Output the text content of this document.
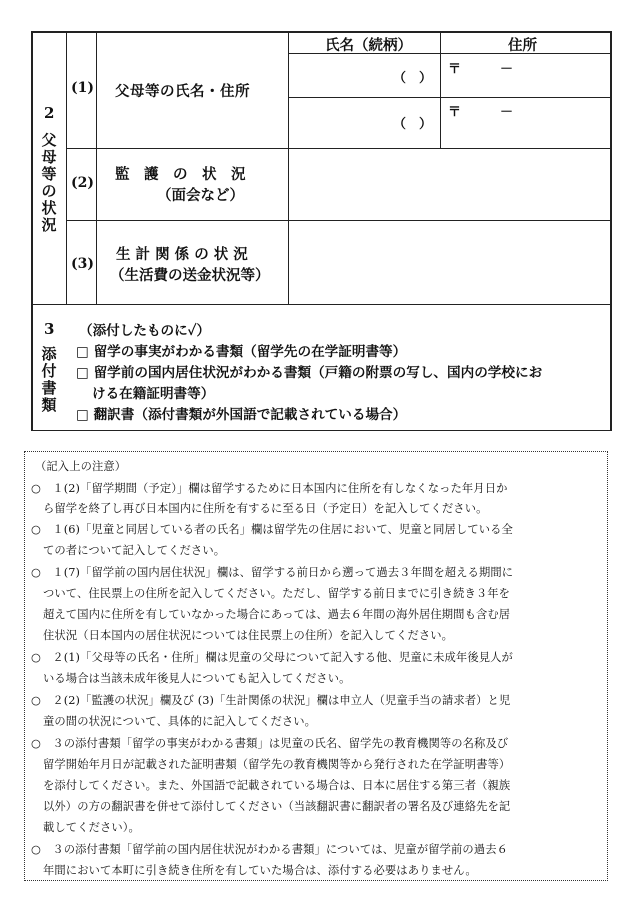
氏名（続柄）	住所
2
父
母
等
の
状
況
(1) 父母等の氏名・住所
（　）
（　）
〒　　　－
〒　　　－
(2) 監　護　の　状　況
（面会など）
(3)
生 計 関 係 の 状 況
（生活費の送金状況等）
3
添
付
書
類
（添付したものに✓）
□ 留学の事実がわかる書類（留学先の在学証明書等）
□ 留学前の国内居住状況がわかる書類（戸籍の附票の写し、国内の学校にお
ける在籍証明書等）
□ 翻訳書（添付書類が外国語で記載されている場合）
（記入上の注意）
○　１(2)「留学期間（予定）」欄は留学するために日本国内に住所を有しなくなった年月日か
ら留学を終了し再び日本国内に住所を有するに至る日（予定日）を記入してください。
○　１(6)「児童と同居している者の氏名」欄は留学先の住居において、児童と同居している全
ての者について記入してください。
○　１(7)「留学前の国内居住状況」欄は、留学する前日から遡って過去３年間を超える期間に
ついて、住民票上の住所を記入してください。ただし、留学する前日までに引き続き３年を
超えて国内に住所を有していなかった場合にあっては、過去６年間の海外居住期間も含む居
住状況（日本国内の居住状況については住民票上の住所）を記入してください。
○　２(1)「父母等の氏名・住所」欄は児童の父母について記入する他、児童に未成年後見人が
いる場合は当該未成年後見人についても記入してください。
○　２(2)「監護の状況」欄及び (3)「生計関係の状況」欄は申立人（児童手当の請求者）と児
童の間の状況について、具体的に記入してください。
○　３の添付書類「留学の事実がわかる書類」は児童の氏名、留学先の教育機関等の名称及び
留学開始年月日が記載された証明書類（留学先の教育機関等から発行された在学証明書等）
を添付してください。また、外国語で記載されている場合は、日本に居住する第三者（親族
以外）の方の翻訳書を併せて添付してください（当該翻訳書に翻訳者の署名及び連絡先を記
載してください）。
○　３の添付書類「留学前の国内居住状況がわかる書類」については、児童が留学前の過去６
年間において本町に引き続き住所を有していた場合は、添付する必要はありません。
